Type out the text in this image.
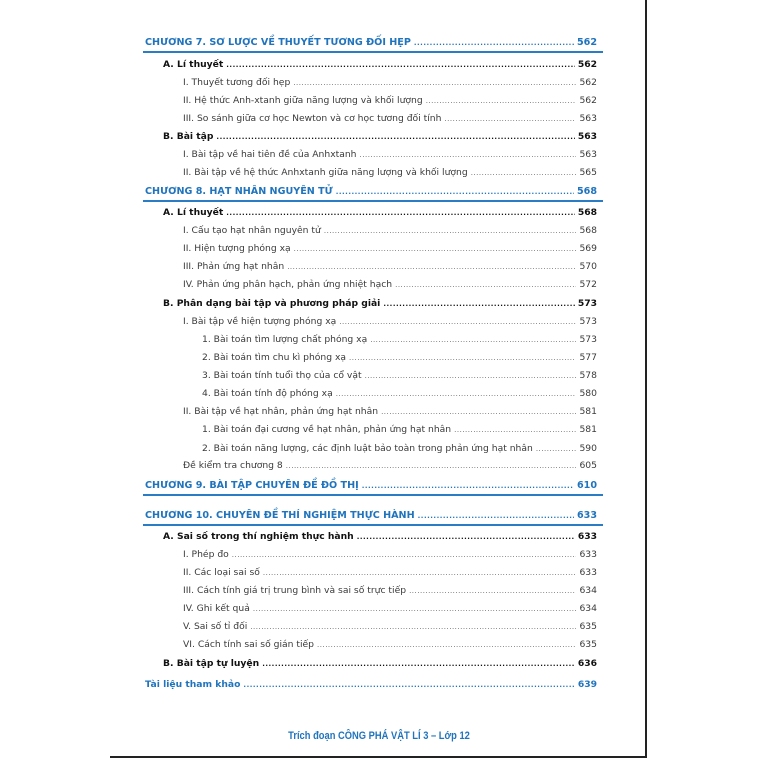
CHƯƠNG 7. SƠ LƯỢC VỀ THUYẾT TƯƠNG ĐỐI HẸP .....	562
A. Lí thuyết .....	562
I. Thuyết tương đối hẹp .....	562
II. Hệ thức Anh-xtanh giữa năng lượng và khối lượng .....	562
III. So sánh giữa cơ học Newton và cơ học tương đối tính .....	563
B. Bài tập .....	563
I. Bài tập về hai tiên đề của Anhxtanh .....	563
II. Bài tập về hệ thức Anhxtanh giữa năng lượng và khối lượng .....	565
CHƯƠNG 8. HẠT NHÂN NGUYÊN TỬ .....	568
A. Lí thuyết .....	568
I. Cấu tạo hạt nhân nguyên tử .....	568
II. Hiện tượng phóng xạ .....	569
III. Phản ứng hạt nhân .....	570
IV. Phản ứng phân hạch, phản ứng nhiệt hạch .....	572
B. Phân dạng bài tập và phương pháp giải .....	573
I. Bài tập về hiện tượng phóng xạ .....	573
1. Bài toán tìm lượng chất phóng xạ .....	573
2. Bài toán tìm chu kì phóng xạ .....	577
3. Bài toán tính tuổi thọ của cổ vật .....	578
4. Bài toán tính độ phóng xạ .....	580
II. Bài tập về hạt nhân, phản ứng hạt nhân .....	581
1. Bài toán đại cương về hạt nhân, phản ứng hạt nhân .....	581
2. Bài toán năng lượng, các định luật bảo toàn trong phản ứng hạt nhân .....	590
Đề kiểm tra chương 8 .....	605
CHƯƠNG 9. BÀI TẬP CHUYÊN ĐỀ ĐỒ THỊ .....	610
CHƯƠNG 10. CHUYÊN ĐỀ THÍ NGHIỆM THỰC HÀNH .....	633
A. Sai số trong thí nghiệm thực hành .....	633
I. Phép đo .....	633
II. Các loại sai số .....	633
III. Cách tính giá trị trung bình và sai số trực tiếp .....	634
IV. Ghi kết quả .....	634
V. Sai số tỉ đối .....	635
VI. Cách tính sai số gián tiếp .....	635
B. Bài tập tự luyện .....	636
Tài liệu tham khảo .....	639
Trích đoạn CÔNG PHÁ VẬT LÍ 3 – Lớp 12
